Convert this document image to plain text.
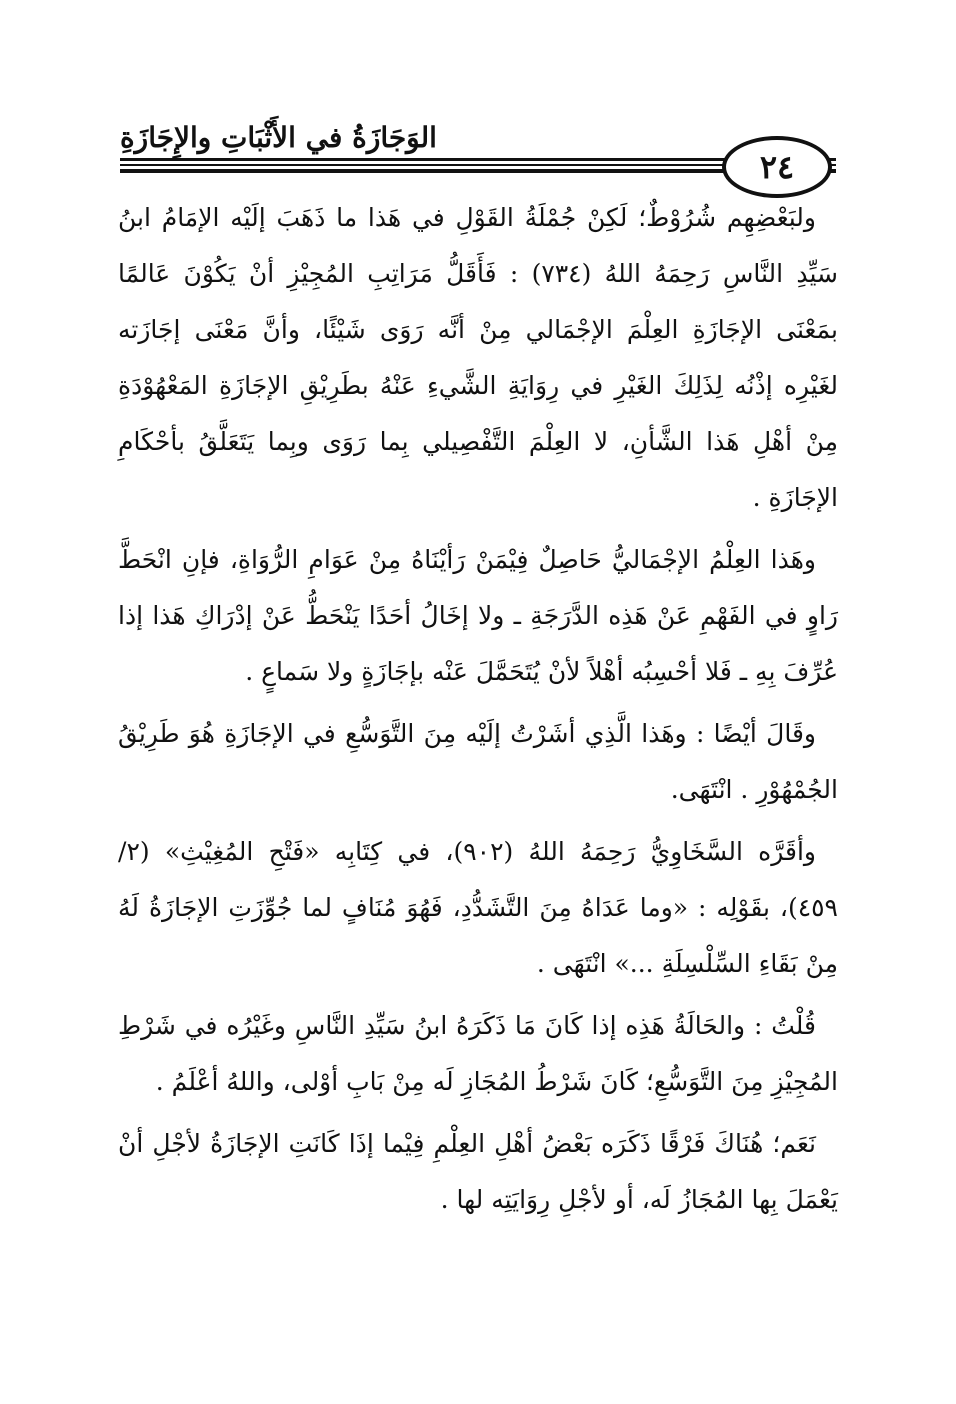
الوَجَازَةُ في الأَثْبَاتِ والإِجَازَةِ
٢٤

ولبَعْضِهِم شُرُوْطٌ؛ لَكِنْ جُمْلَةُ القَوْلِ في هَذا ما ذَهَبَ إلَيْه الإمَامُ ابنُ سَيِّدِ النَّاسِ رَحِمَهُ اللهُ (٧٣٤) : فَأَقَلُّ مَرَاتِبِ المُجِيْزِ أنْ يَكُوْنَ عَالمًا بمَعْنَى الإجَازَةِ العِلْمَ الإجْمَالي مِنْ أنَّه رَوَى شَيْئًا، وأنَّ مَعْنَى إجَازَته لغَيْرِه إذْنُه لِذَلِكَ الغَيْرِ في رِوَايَةِ الشَّيءِ عَنْهُ بطَرِيْقِ الإجَازَةِ المَعْهُوْدَةِ مِنْ أهْلِ هَذا الشَّأنِ، لا العِلْمَ التَّفْصِيلي بِما رَوَى وبِما يَتَعَلَّقُ بأحْكَامِ الإجَازَةِ .

وهَذا العِلْمُ الإجْمَاليُّ حَاصِلٌ فِيْمَنْ رَأيْنَاهُ مِنْ عَوَامِ الرُّوَاةِ، فإنِ انْحَطَّ رَاوٍ في الفَهْمِ عَنْ هَذِه الدَّرَجَةِ ـ ولا إخَالُ أحَدًا يَنْحَطُّ عَنْ إدْرَاكِ هَذا إذا عُرِّفَ بِهِ ـ فَلا أحْسِبُه أهْلاً لأنْ يُتَحَمَّلَ عَنْه بإجَازَةٍ ولا سَماعٍ .

وقَالَ أيْضًا : وهَذا الَّذِي أشَرْتُ إلَيْه مِنَ التَّوَسُّعِ في الإجَازَةِ هُوَ طَرِيْقُ الجُمْهُوْرِ . انْتَهَى.

وأقَرَّه السَّخَاوِيُّ رَحِمَهُ اللهُ (٩٠٢)، في كِتَابِه «فَتْحِ المُغِيْثِ» (٢/ ٤٥٩)، بقَوْلِه : «وما عَدَاهُ مِنَ التَّشَدُّدِ، فَهُوَ مُنَافٍ لما جُوِّزَتِ الإجَازَةُ لَهُ مِنْ بَقَاءِ السِّلْسِلَةِ ...» انْتَهَى .

قُلْتُ : والحَالَةُ هَذِه إذا كَانَ مَا ذَكَرَهُ ابنُ سَيِّدِ النَّاسِ وغَيْرُه في شَرْطِ المُجِيْزِ مِنَ التَّوَسُّعِ؛ كَانَ شَرْطُ المُجَازِ لَه مِنْ بَابِ أوْلى، واللهُ أعْلَمُ .

نَعَم؛ هُنَاكَ فَرْقًا ذَكَرَه بَعْضُ أهْلِ العِلْمِ فِيْما إذَا كَانَتِ الإجَازَةُ لأجْلِ أنْ يَعْمَلَ بِها المُجَازُ لَه، أو لأجْلِ رِوَايَتِه لها .
